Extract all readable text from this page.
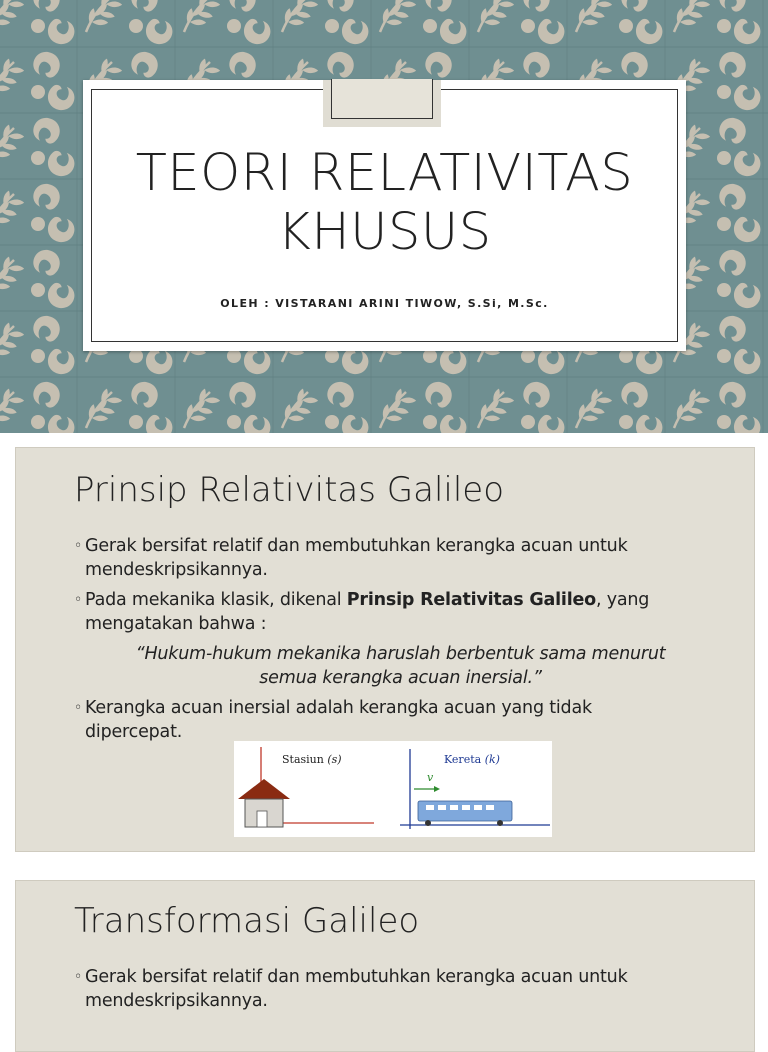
TEORI RELATIVITAS
KHUSUS
OLEH : VISTARANI ARINI TIWOW, S.Si, M.Sc.
Prinsip Relativitas Galileo
◦ Gerak bersifat relatif dan membutuhkan kerangka acuan untuk mendeskripsikannya.
◦ Pada mekanika klasik, dikenal Prinsip Relativitas Galileo, yang mengatakan bahwa :
“Hukum-hukum mekanika haruslah berbentuk sama menurut semua kerangka acuan inersial.”
◦ Kerangka acuan inersial adalah kerangka acuan yang tidak dipercepat.
Stasiun (s)	Kereta (k)
v
Transformasi Galileo
◦ Gerak bersifat relatif dan membutuhkan kerangka acuan untuk mendeskripsikannya.
